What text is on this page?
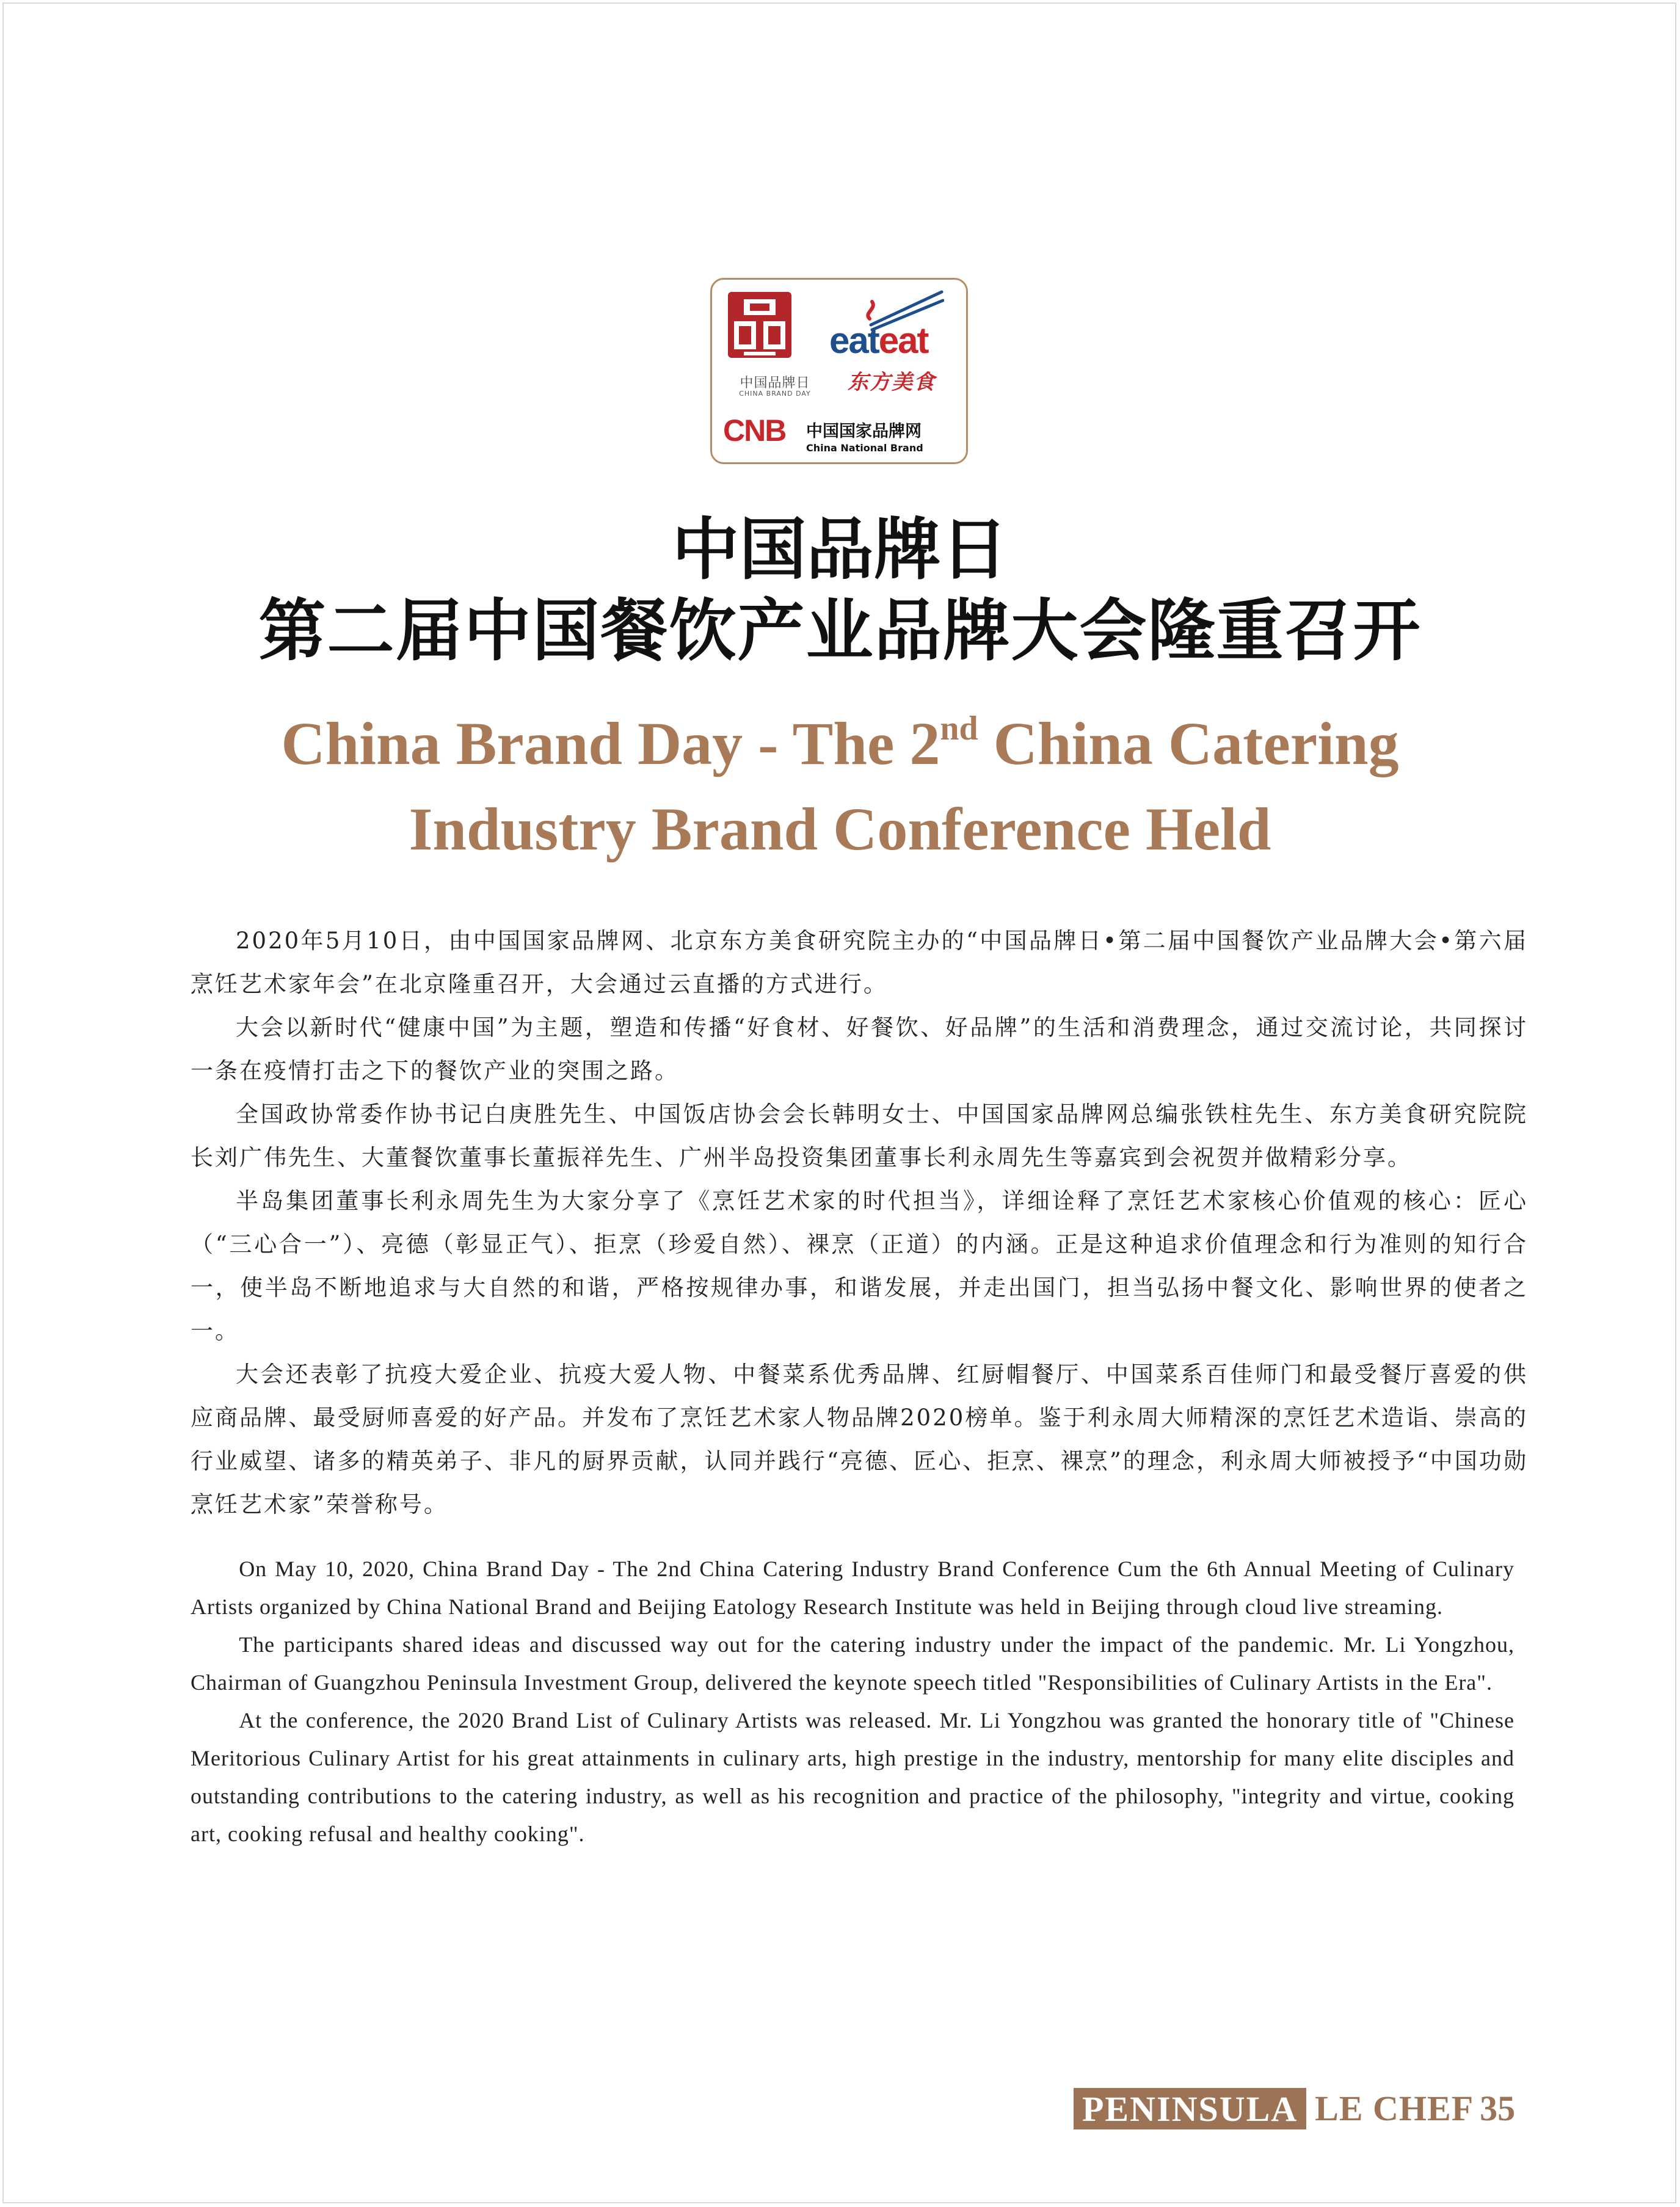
中国品牌日
CHINA BRAND DAY
eateat
东方美食
CNB 中国国家品牌网
China National Brand
中国品牌日
第二届中国餐饮产业品牌大会隆重召开
China Brand Day - The 2nd China Catering
Industry Brand Conference Held

2020年5月10日，由中国国家品牌网、北京东方美食研究院主办的“中国品牌日•第二届中国餐饮产业品牌大会•第六届烹饪艺术家年会”在北京隆重召开，大会通过云直播的方式进行。

大会以新时代“健康中国”为主题，塑造和传播“好食材、好餐饮、好品牌”的生活和消费理念，通过交流讨论，共同探讨一条在疫情打击之下的餐饮产业的突围之路。

全国政协常委作协书记白庚胜先生、中国饭店协会会长韩明女士、中国国家品牌网总编张铁柱先生、东方美食研究院院长刘广伟先生、大董餐饮董事长董振祥先生、广州半岛投资集团董事长利永周先生等嘉宾到会祝贺并做精彩分享。

半岛集团董事长利永周先生为大家分享了《烹饪艺术家的时代担当》，详细诠释了烹饪艺术家核心价值观的核心：匠心（“三心合一”）、亮德（彰显正气）、拒烹（珍爱自然）、裸烹（正道）的内涵。正是这种追求价值理念和行为准则的知行合一，使半岛不断地追求与大自然的和谐，严格按规律办事，和谐发展，并走出国门，担当弘扬中餐文化、影响世界的使者之一。

大会还表彰了抗疫大爱企业、抗疫大爱人物、中餐菜系优秀品牌、红厨帽餐厅、中国菜系百佳师门和最受餐厅喜爱的供应商品牌、最受厨师喜爱的好产品。并发布了烹饪艺术家人物品牌2020榜单。鉴于利永周大师精深的烹饪艺术造诣、崇高的行业威望、诸多的精英弟子、非凡的厨界贡献，认同并践行“亮德、匠心、拒烹、裸烹”的理念，利永周大师被授予“中国功勋烹饪艺术家”荣誉称号。

On May 10, 2020, China Brand Day - The 2nd China Catering Industry Brand Conference Cum the 6th Annual Meeting of Culinary Artists organized by China National Brand and Beijing Eatology Research Institute was held in Beijing through cloud live streaming.

The participants shared ideas and discussed way out for the catering industry under the impact of the pandemic. Mr. Li Yongzhou, Chairman of Guangzhou Peninsula Investment Group, delivered the keynote speech titled "Responsibilities of Culinary Artists in the Era".

At the conference, the 2020 Brand List of Culinary Artists was released. Mr. Li Yongzhou was granted the honorary title of "Chinese Meritorious Culinary Artist for his great attainments in culinary arts, high prestige in the industry, mentorship for many elite disciples and outstanding contributions to the catering industry, as well as his recognition and practice of the philosophy, "integrity and virtue, cooking art, cooking refusal and healthy cooking".

PENINSULA LE CHEF 35
